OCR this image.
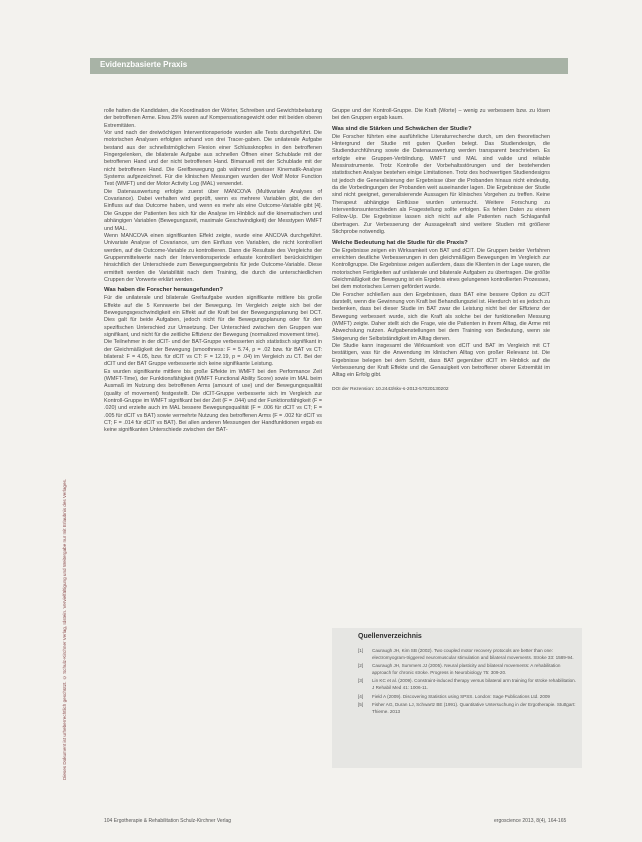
Evidenzbasierte Praxis
Dieses Dokument ist urheberrechtlich geschützt. © Schulz-Kirchner Verlag, Idstein. Vervielfältigung und Weitergabe nur mit Erlaubnis des Verlages.

rolle hatten die Kandidaten, die Koordination der Wörter, Schreiben und Gewichtsbelastung der betroffenen Arme. Etwa 25% waren auf Kompensationsgewicht oder mit beiden oberen Extremitäten.

Vor und nach der dreiwöchigen Interventionsperiode wurden alle Tests durchgeführt. Die motorischen Analysen erfolgten anhand von drei Tracer-gaben. Die unilaterale Aufgabe bestand aus der schnellstmöglichen Flexion einer Schlussknopfes in den betroffenen Fingergelenken, die bilaterale Aufgabe aus schnellen Öffnen einer Schublade mit der betroffenen Hand und der nicht betroffenen Hand. Bimanuell mit der Schublade mit der nicht betroffenen Hand. Die Greifbewegung gab während gewisser Kinematik-Analyse Systems aufgezeichnet. Für die klinischen Messungen wurden der Wolf Motor Function Test (WMFT) und der Motor Activity Log (MAL) verwendet.

Die Datenauswertung erfolgte zuerst über MANCOVA (Multivariate Analyses of Covariance). Dabei verhalten wird geprüft, wenn es mehrere Variablen gibt, die den Einfluss auf das Outcome haben, und wenn es mehr als eine Outcome-Variable gibt [4]. Die Gruppe der Patienten lies sich für die Analyse im Hinblick auf die kinematischen und abhängigen Variablen (Bewegungszeit, maximale Geschwindigkeit) der Messtypen WMFT und MAL.

Wenn MANCOVA einen signifikanten Effekt zeigte, wurde eine ANCOVA durchgeführt. Univariate Analyse of Covariance, um den Einfluss von Variablen, die nicht kontrolliert werden, auf die Outcome-Variable zu kontrollieren. Dann die Resultate des Vergleichs der Gruppenmittelwerte nach der Interventionsperiode erfasste kontrolliert berücksichtigen hinsichtlich der Unterschiede zum Bewegungsergebnis für jede Outcome-Variable. Diese ermittelt werden die Variabilität nach dem Training, die durch die unterschiedlichen Cruppen der Vorwerte erklärt werden.

Was haben die Forscher herausgefunden?

Für die unilaterale und bilaterale Greifaufgabe wurden signifikante mittlere bis große Effekte auf die 5 Kennwerte bei der Bewegung. Im Vergleich zeigte sich bei der Bewegungsgeschwindigkeit ein Effekt auf die Kraft bei der Bewegungsplanung bei DCT. Dies galt für beide Aufgaben, jedoch nicht für die Bewegungsplanung oder für den spezifischen Unterschied zur Umsetzung. Der Unterschied zwischen den Gruppen war signifikant, und nicht für die zeitliche Effizienz der Bewegung (normalized movement time).

Die Teilnehmer in der dCIT- und der BAT-Gruppe verbesserten sich statistisch signifikant in der Gleichmäßigkeit der Bewegung (smoothness: F = 5.74, p = .02 bzw. für BAT vs CT: bilateral: F = 4.05, bzw. für dCIT vs CT: F = 12.19, p = .04) im Vergleich zu CT. Bei der dCIT und der BAT Gruppe verbesserte sich keine signifikante Leistung.

Es wurden signifikante mittlere bis große Effekte im WMFT bei den Performance Zeit (WMFT-Time), der Funktionsfähigkeit (WMFT Functional Ability Score) sowie im MAL beim Ausmaß im Nutzung des betroffenen Arms (amount of use) und der Bewegungsqualität (quality of movement) festgestellt. Die dCIT-Gruppe verbesserte sich im Vergleich zur Kontroll-Gruppe im WMFT signifikant bei der Zeit (F = .044) und der Funktionsfähigkeit (F = .020) und erzielte auch im MAL bessere Bewegungsqualität (F = .006 für dCIT vs CT; F = .005 für dCIT vs BAT) sowie vermehrte Nutzung des betroffenen Arms (F = .002 für dCIT vs CT; F = .014 für dCIT vs BAT). Bei allen anderen Messungen der Handfunktionen ergab es keine signifikanten Unterschiede zwischen der BAT-

Gruppe und der Kontroll-Gruppe. Die Kraft (Worte) – wenig zu verbessern bzw. zu lösen bei den Gruppen ergab kaum.

Was sind die Stärken und Schwächen der Studie?

Die Forscher führten eine ausführliche Literaturrecherche durch, um den theoretischen Hintergrund der Studie mit guten Quellen belegt. Das Studiendesign, die Studiendurchführung sowie die Datenauswertung werden transparent beschrieben. Es erfolgte eine Gruppen-Verblindung. WMFT und MAL sind valide und reliable Messinstrumente. Trotz Kontrolle der Vorbehaltsstörungen und der bestehenden statistischen Analyse bestehen einige Limitationen. Trotz des hochwertigen Studiendesigns ist jedoch die Generalisierung der Ergebnisse über die Probanden hinaus nicht eindeutig, da die Vorbedingungen der Probanden weit auseinander lagen. Die Ergebnisse der Studie sind nicht geeignet, generalisierende Aussagen für klinisches Vorgehen zu treffen. Keine Therapeut abhängige Einflüsse wurden untersucht. Weitere Forschung zu Interventionsunterschieden als Fragestellung sollte erfolgen. Es fehlen Daten zu einem Follow-Up. Die Ergebnisse lassen sich nicht auf alle Patienten nach Schlaganfall übertragen. Zur Verbesserung der Aussagekraft sind weitere Studien mit größerer Stichprobe notwendig.

Welche Bedeutung hat die Studie für die Praxis?

Die Ergebnisse zeigen ein Wirksamkeit von BAT und dCIT. Die Gruppen beider Verfahren erreichten deutliche Verbesserungen in den gleichmäßigen Bewegungen im Vergleich zur Kontrollgruppe. Die Ergebnisse zeigen außerdem, dass die Klienten in der Lage waren, die motorischen Fertigkeiten auf unilaterale und bilaterale Aufgaben zu übertragen. Die größte Gleichmäßigkeit der Bewegung ist ein Ergebnis eines gelungenen kontrollierten Prozesses, bei dem motorisches Lernen gefördert wurde.

Die Forscher schließen aus den Ergebnissen, dass BAT eine bessere Option zu dCIT darstellt, wenn die Gewinnung von Kraft bei Behandlungsziel ist. Hierdurch ist es jedoch zu bedenken, dass bei dieser Studie im BAT zwar die Leistung nicht bei der Effizienz der Bewegung verbessert wurde, sich die Kraft als solche bei der funktionellen Messung (WMFT) zeigte. Daher stellt sich die Frage, wie die Patienten in ihrem Alltag, die Arme mit Abwechslung nutzen. Aufgabenstellungen bei dem Training von Bedeutung, wenn sie Steigerung der Selbstständigkeit im Alltag dienen.

Die Studie kann insgesamt die Wirksamkeit von dCIT und BAT im Vergleich mit CT bestätigen, was für die Anwendung im klinischen Alltag von großer Relevanz ist. Die Ergebnisse belegen bei dem Schritt, dass BAT gegenüber dCIT im Hinblick auf die Verbesserung der Kraft Effekte und die Genauigkeit von betroffener oberer Extremität im Alltag ein Erfolg gibt.

DOI der Rezension: 10.2443/skv-s-2013-57020130202
Quellenverzeichnis
[1]	Cauraugh JH, Kim SB (2002). Two coupled motor recovery protocols are better than one: electromyogram-triggered neuromuscular stimulation and bilateral movements. Stroke 33: 1589-94.
[2]	Cauraugh JH, Summers JJ (2005). Neural plasticity and bilateral movements: A rehabilitation approach for chronic stroke. Progress in Neurobiology 75: 309-20.
[3]	Lin KC et al. (2009). Constraint-induced therapy versus bilateral arm training for stroke rehabilitation. J Rehabil Med 41: 1006-11.
[4]	Field A (2009). Discovering Statistics using SPSS. London: Sage Publications Ltd. 2009
[5]	Fisher AG, Duran LJ, Schwartz BE (1991). Quantitative Untersuchung in der Ergotherapie. Stuttgart: Thieme. 2013
104 Ergotherapie & Rehabilitation Schulz-Kirchner Verlag	ergoscience 2013, 8(4), 164-165
